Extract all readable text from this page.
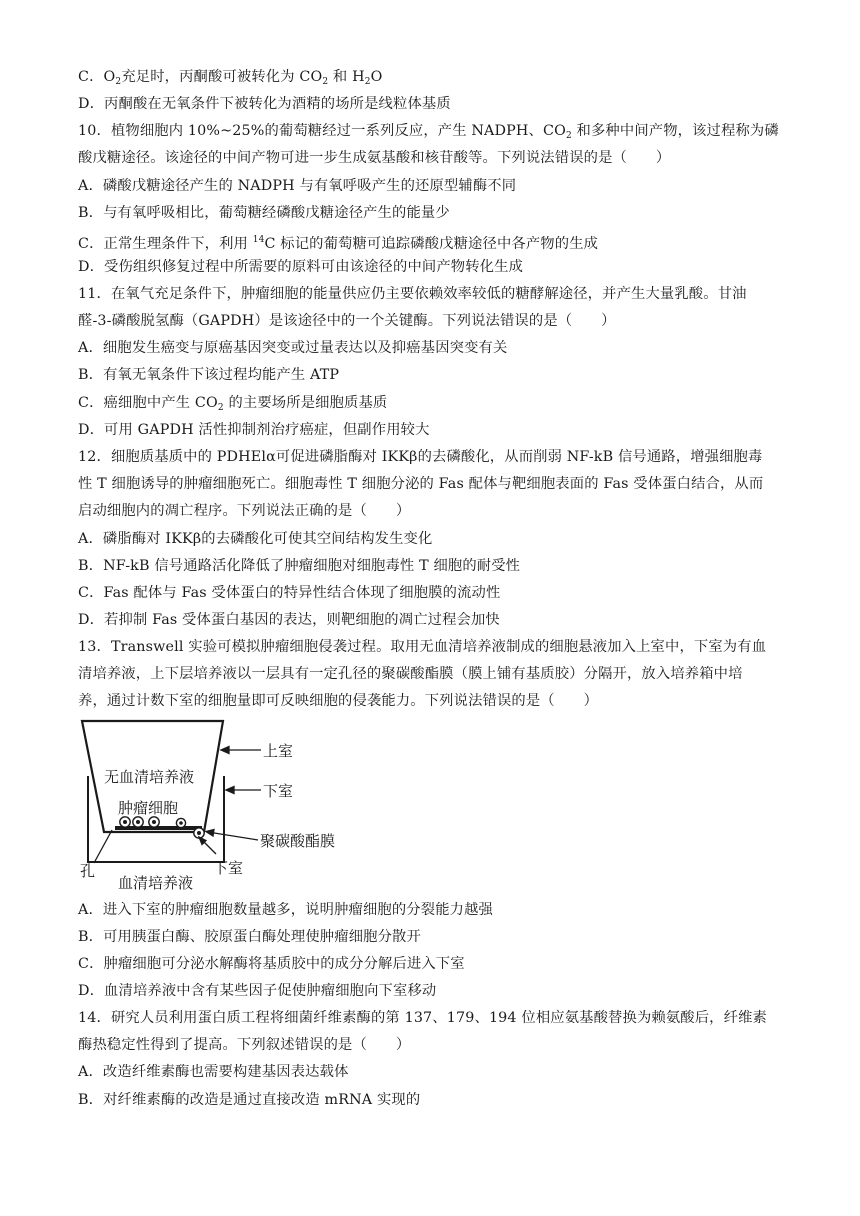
C．$O_2$充足时，丙酮酸可被转化为 $CO_2$ 和 $H_2O$
D．丙酮酸在无氧条件下被转化为酒精的场所是线粒体基质
10．植物细胞内 10%~25%的葡萄糖经过一系列反应，产生 NADPH、$CO_2$ 和多种中间产物，该过程称为磷
酸戊糖途径。该途径的中间产物可进一步生成氨基酸和核苷酸等。下列说法错误的是（　　）
A．磷酸戊糖途径产生的 NADPH 与有氧呼吸产生的还原型辅酶不同
B．与有氧呼吸相比，葡萄糖经磷酸戊糖途径产生的能量少
C．正常生理条件下，利用 $^{14}$C 标记的葡萄糖可追踪磷酸戊糖途径中各产物的生成
D．受伤组织修复过程中所需要的原料可由该途径的中间产物转化生成
11．在氧气充足条件下，肿瘤细胞的能量供应仍主要依赖效率较低的糖酵解途径，并产生大量乳酸。甘油
醛-3-磷酸脱氢酶（GAPDH）是该途径中的一个关键酶。下列说法错误的是（　　）
A．细胞发生癌变与原癌基因突变或过量表达以及抑癌基因突变有关
B．有氧无氧条件下该过程均能产生 ATP
C．癌细胞中产生 $CO_2$ 的主要场所是细胞质基质
D．可用 GAPDH 活性抑制剂治疗癌症，但副作用较大
12．细胞质基质中的 PDHElα可促进磷脂酶对 IKKβ的去磷酸化，从而削弱 NF-kB 信号通路，增强细胞毒
性 T 细胞诱导的肿瘤细胞死亡。细胞毒性 T 细胞分泌的 Fas 配体与靶细胞表面的 Fas 受体蛋白结合，从而
启动细胞内的凋亡程序。下列说法正确的是（　　）
A．磷脂酶对 IKKβ的去磷酸化可使其空间结构发生变化
B．NF-kB 信号通路活化降低了肿瘤细胞对细胞毒性 T 细胞的耐受性
C．Fas 配体与 Fas 受体蛋白的特异性结合体现了细胞膜的流动性
D．若抑制 Fas 受体蛋白基因的表达，则靶细胞的凋亡过程会加快
13．Transwell 实验可模拟肿瘤细胞侵袭过程。取用无血清培养液制成的细胞悬液加入上室中，下室为有血
清培养液，上下层培养液以一层具有一定孔径的聚碳酸酯膜（膜上铺有基质胶）分隔开，放入培养箱中培
养，通过计数下室的细胞量即可反映细胞的侵袭能力。下列说法错误的是（　　）
A．进入下室的肿瘤细胞数量越多，说明肿瘤细胞的分裂能力越强
B．可用胰蛋白酶、胶原蛋白酶处理使肿瘤细胞分散开
C．肿瘤细胞可分泌水解酶将基质胶中的成分分解后进入下室
D．血清培养液中含有某些因子促使肿瘤细胞向下室移动
14．研究人员利用蛋白质工程将细菌纤维素酶的第 137、179、194 位相应氨基酸替换为赖氨酸后，纤维素
酶热稳定性得到了提高。下列叙述错误的是（　　）
A．改造纤维素酶也需要构建基因表达载体
B．对纤维素酶的改造是通过直接改造 mRNA 实现的
无血清培养液
肿瘤细胞
上室
下室
聚碳酸酯膜
孔	下室
血清培养液
